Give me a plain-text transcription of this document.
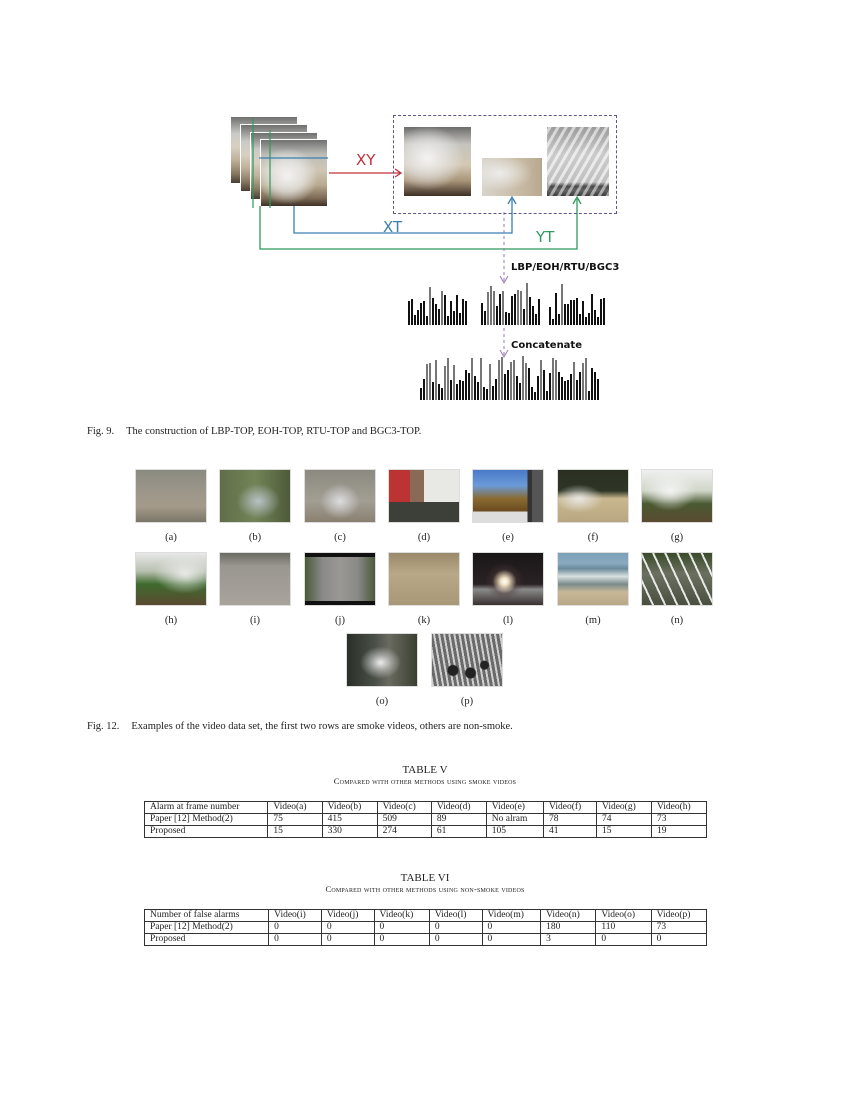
XY
XT
YT
LBP/EOH/RTU/BGC3
Concatenate
Fig. 9. The construction of LBP-TOP, EOH-TOP, RTU-TOP and BGC3-TOP.
(a)	(b)	(c)	(d)	(e)	(f)	(g)
(h)	(i)	(j)	(k)	(l)	(m)	(n)
(o)	(p)
Fig. 12. Examples of the video data set, the first two rows are smoke videos, others are non-smoke.
TABLE V
Compared with other methods using smoke videos
Alarm at frame number	Video(a)	Video(b)	Video(c)	Video(d)	Video(e)	Video(f)	Video(g)	Video(h)
Paper [12] Method(2)	75	415	509	89	No alram	78	74	73
Proposed	15	330	274	61	105	41	15	19
TABLE VI
Compared with other methods using non-smoke videos
Number of false alarms	Video(i)	Video(j)	Video(k)	Video(l)	Video(m)	Video(n)	Video(o)	Video(p)
Paper [12] Method(2)	0	0	0	0	0	180	110	73
Proposed	0	0	0	0	0	3	0	0
